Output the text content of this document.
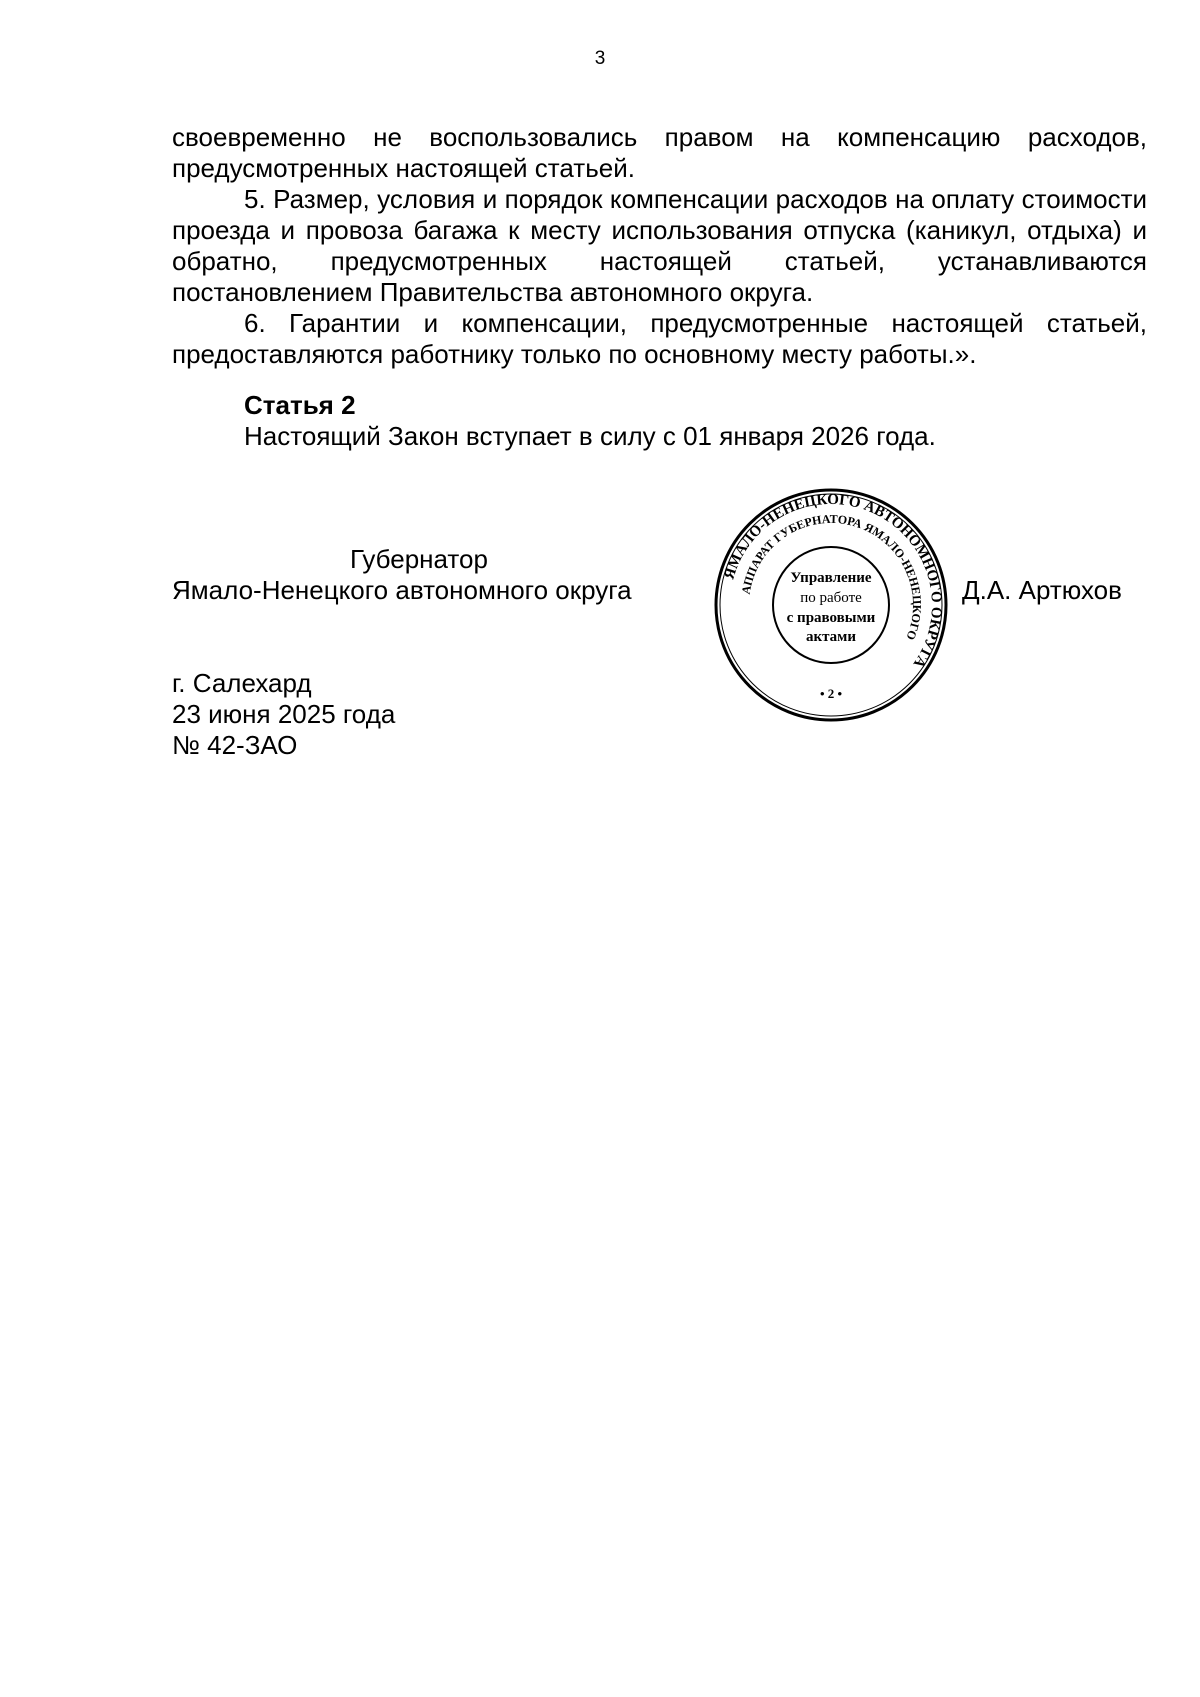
3

своевременно не воспользовались правом на компенсацию расходов, предусмотренных настоящей статьей.

5. Размер, условия и порядок компенсации расходов на оплату стоимости проезда и провоза багажа к месту использования отпуска (каникул, отдыха) и обратно, предусмотренных настоящей статьей, устанавливаются постановлением Правительства автономного округа.

6. Гарантии и компенсации, предусмотренные настоящей статьей, предоставляются работнику только по основному месту работы.».

Статья 2
Настоящий Закон вступает в силу с 01 января 2026 года.
Губернатор
Ямало-Ненецкого автономного округа	Д.А. Артюхов
ЯМАЛО-НЕНЕЦКОГО АВТОНОМНОГО ОКРУГА
АППАРАТ ГУБЕРНАТОРА ЯМАЛО-НЕНЕЦКОГО
Управление
по работе
с правовыми
актами
• 2 •
г. Салехард
23 июня 2025 года
№ 42-ЗАО
